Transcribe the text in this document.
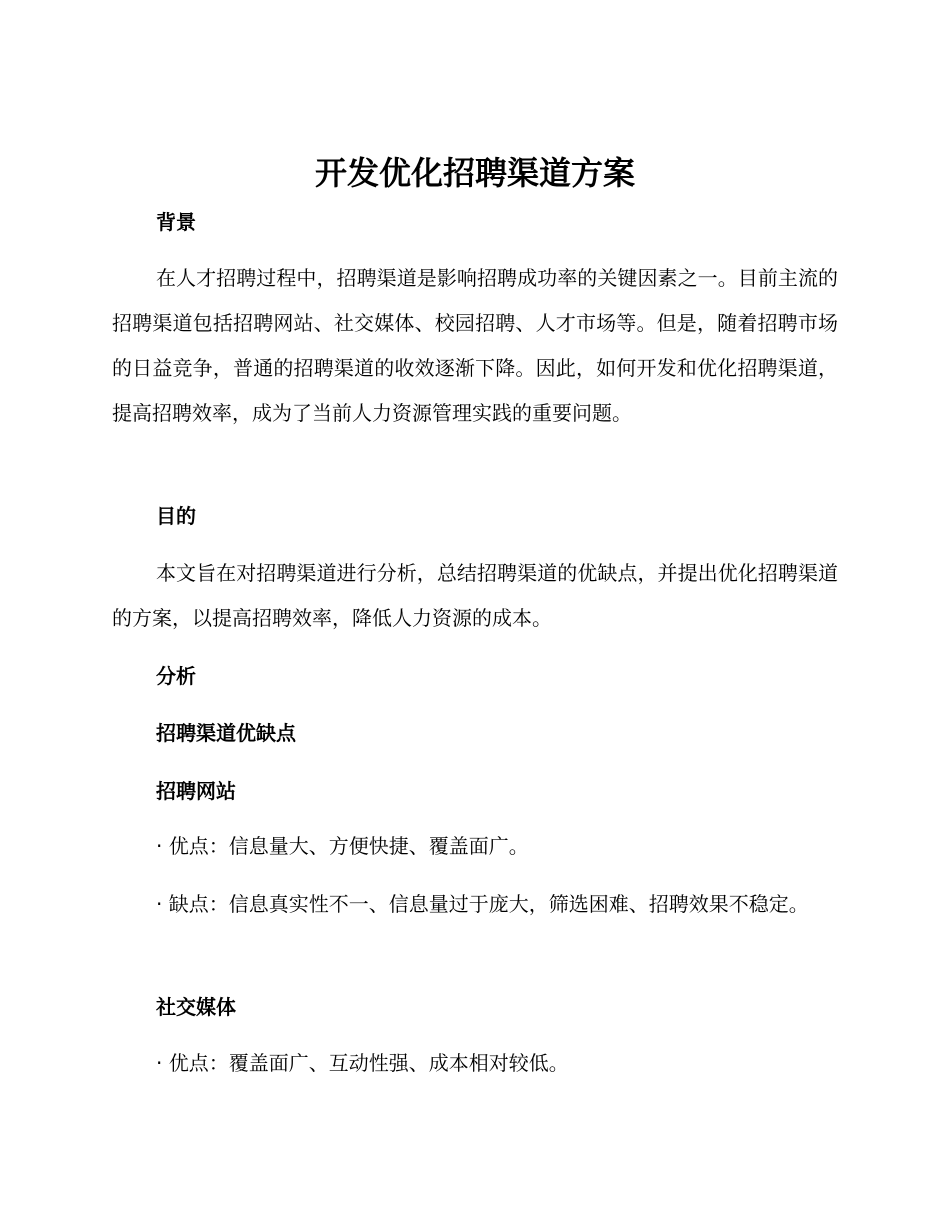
开发优化招聘渠道方案
背景

在人才招聘过程中，招聘渠道是影响招聘成功率的关键因素之一。目前主流的招聘渠道包括招聘网站、社交媒体、校园招聘、人才市场等。但是，随着招聘市场的日益竞争，普通的招聘渠道的收效逐渐下降。因此，如何开发和优化招聘渠道，提高招聘效率，成为了当前人力资源管理实践的重要问题。

目的

本文旨在对招聘渠道进行分析，总结招聘渠道的优缺点，并提出优化招聘渠道的方案，以提高招聘效率，降低人力资源的成本。

分析
招聘渠道优缺点
招聘网站

· 优点：信息量大、方便快捷、覆盖面广。

· 缺点：信息真实性不一、信息量过于庞大，筛选困难、招聘效果不稳定。

社交媒体

· 优点：覆盖面广、互动性强、成本相对较低。
